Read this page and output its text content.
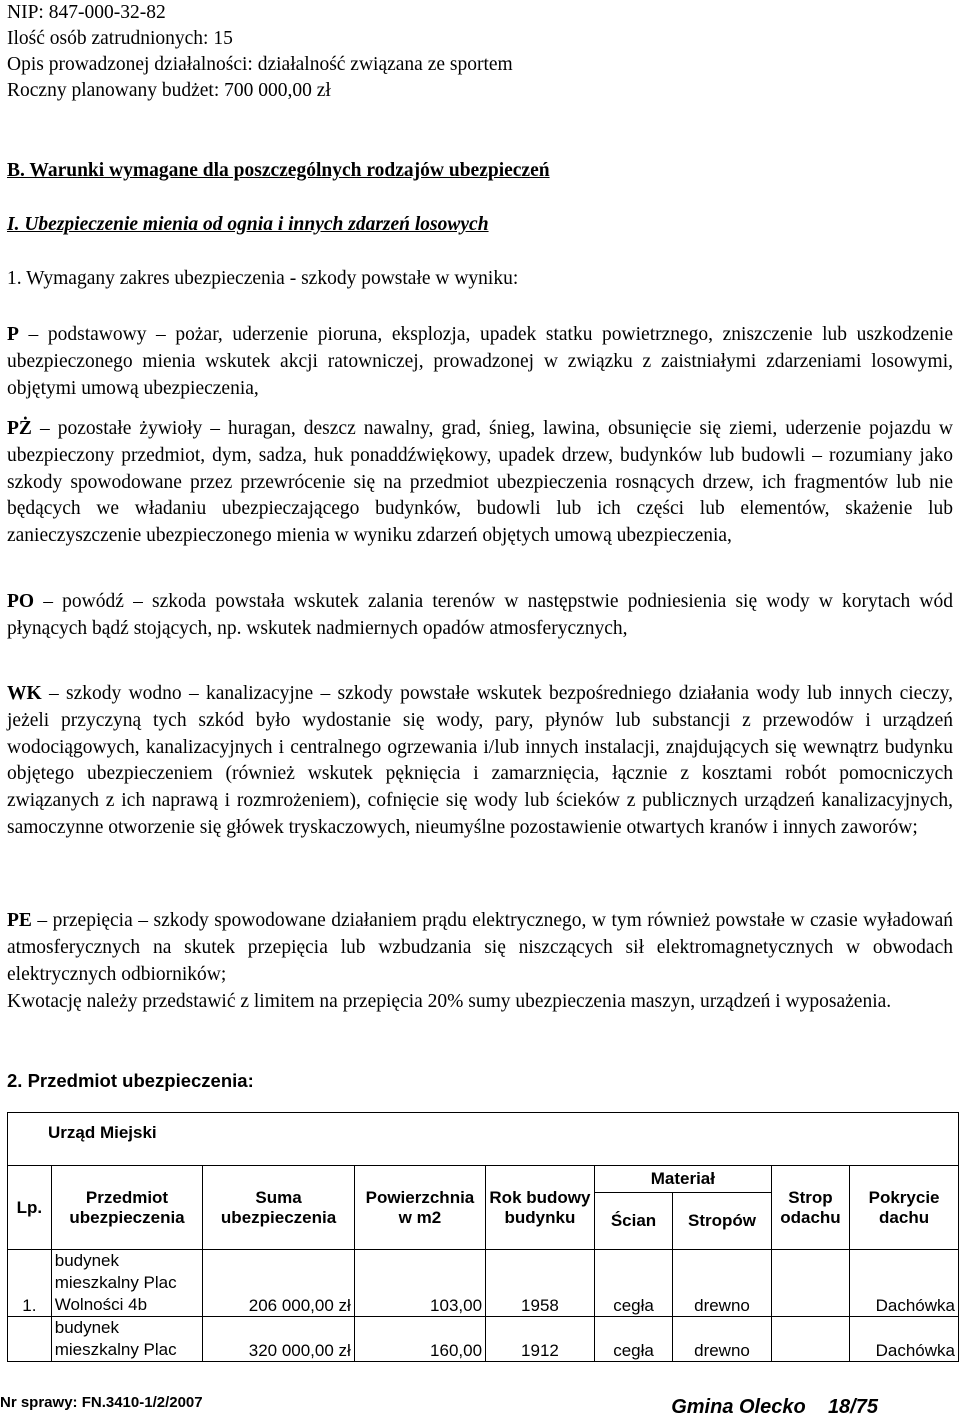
NIP: 847-000-32-82
Ilość osób zatrudnionych: 15
Opis prowadzonej działalności: działalność związana ze sportem
Roczny planowany budżet: 700 000,00 zł
B. Warunki wymagane dla poszczególnych rodzajów ubezpieczeń
I. Ubezpieczenie mienia od ognia i innych zdarzeń losowych
1. Wymagany zakres ubezpieczenia - szkody powstałe w wyniku:
P – podstawowy – pożar, uderzenie pioruna, eksplozja, upadek statku powietrznego, zniszczenie lub uszkodzenie ubezpieczonego mienia wskutek akcji ratowniczej, prowadzonej w związku z zaistniałymi zdarzeniami losowymi, objętymi umową ubezpieczenia,
PŻ – pozostałe żywioły – huragan, deszcz nawalny, grad, śnieg, lawina, obsunięcie się ziemi, uderzenie pojazdu w ubezpieczony przedmiot, dym, sadza, huk ponaddźwiękowy, upadek drzew, budynków lub budowli – rozumiany jako szkody spowodowane przez przewrócenie się na przedmiot ubezpieczenia rosnących drzew, ich fragmentów lub nie będących we władaniu ubezpieczającego budynków, budowli lub ich części lub elementów, skażenie lub zanieczyszczenie ubezpieczonego mienia w wyniku zdarzeń objętych umową ubezpieczenia,
PO – powódź – szkoda powstała wskutek zalania terenów w następstwie podniesienia się wody w korytach wód płynących bądź stojących, np. wskutek nadmiernych opadów atmosferycznych,
WK – szkody wodno – kanalizacyjne – szkody powstałe wskutek bezpośredniego działania wody lub innych cieczy, jeżeli przyczyną tych szkód było wydostanie się wody, pary, płynów lub substancji z przewodów i urządzeń wodociągowych, kanalizacyjnych i centralnego ogrzewania i/lub innych instalacji, znajdujących się wewnątrz budynku objętego ubezpieczeniem (również wskutek pęknięcia i zamarznięcia, łącznie z kosztami robót pomocniczych związanych z ich naprawą i rozmrożeniem), cofnięcie się wody lub ścieków z publicznych urządzeń kanalizacyjnych, samoczynne otworzenie się główek tryskaczowych, nieumyślne pozostawienie otwartych kranów i innych zaworów;
PE – przepięcia – szkody spowodowane działaniem prądu elektrycznego, w tym również powstałe w czasie wyładowań atmosferycznych na skutek przepięcia lub wzbudzania się niszczących sił elektromagnetycznych w obwodach elektrycznych odbiorników;
Kwotację należy przedstawić z limitem na przepięcia 20% sumy ubezpieczenia maszyn, urządzeń i wyposażenia.
2. Przedmiot ubezpieczenia:
Urząd Miejski								
Lp.	Przedmiot ubezpieczenia	Suma ubezpieczenia	Powierzchnia w m2	Rok budowy budynku	Materiał		Strop odachu	Pokrycie dachu
					Ścian	Stropów		
1.	budynek mieszkalny Plac Wolności 4b	206 000,00 zł	103,00	1958	cegła	drewno		Dachówka
	budynek mieszkalny Plac	320 000,00 zł	160,00	1912	cegła	drewno		Dachówka
Nr sprawy: FN.3410-1/2/2007	Gmina Olecko 18/75
